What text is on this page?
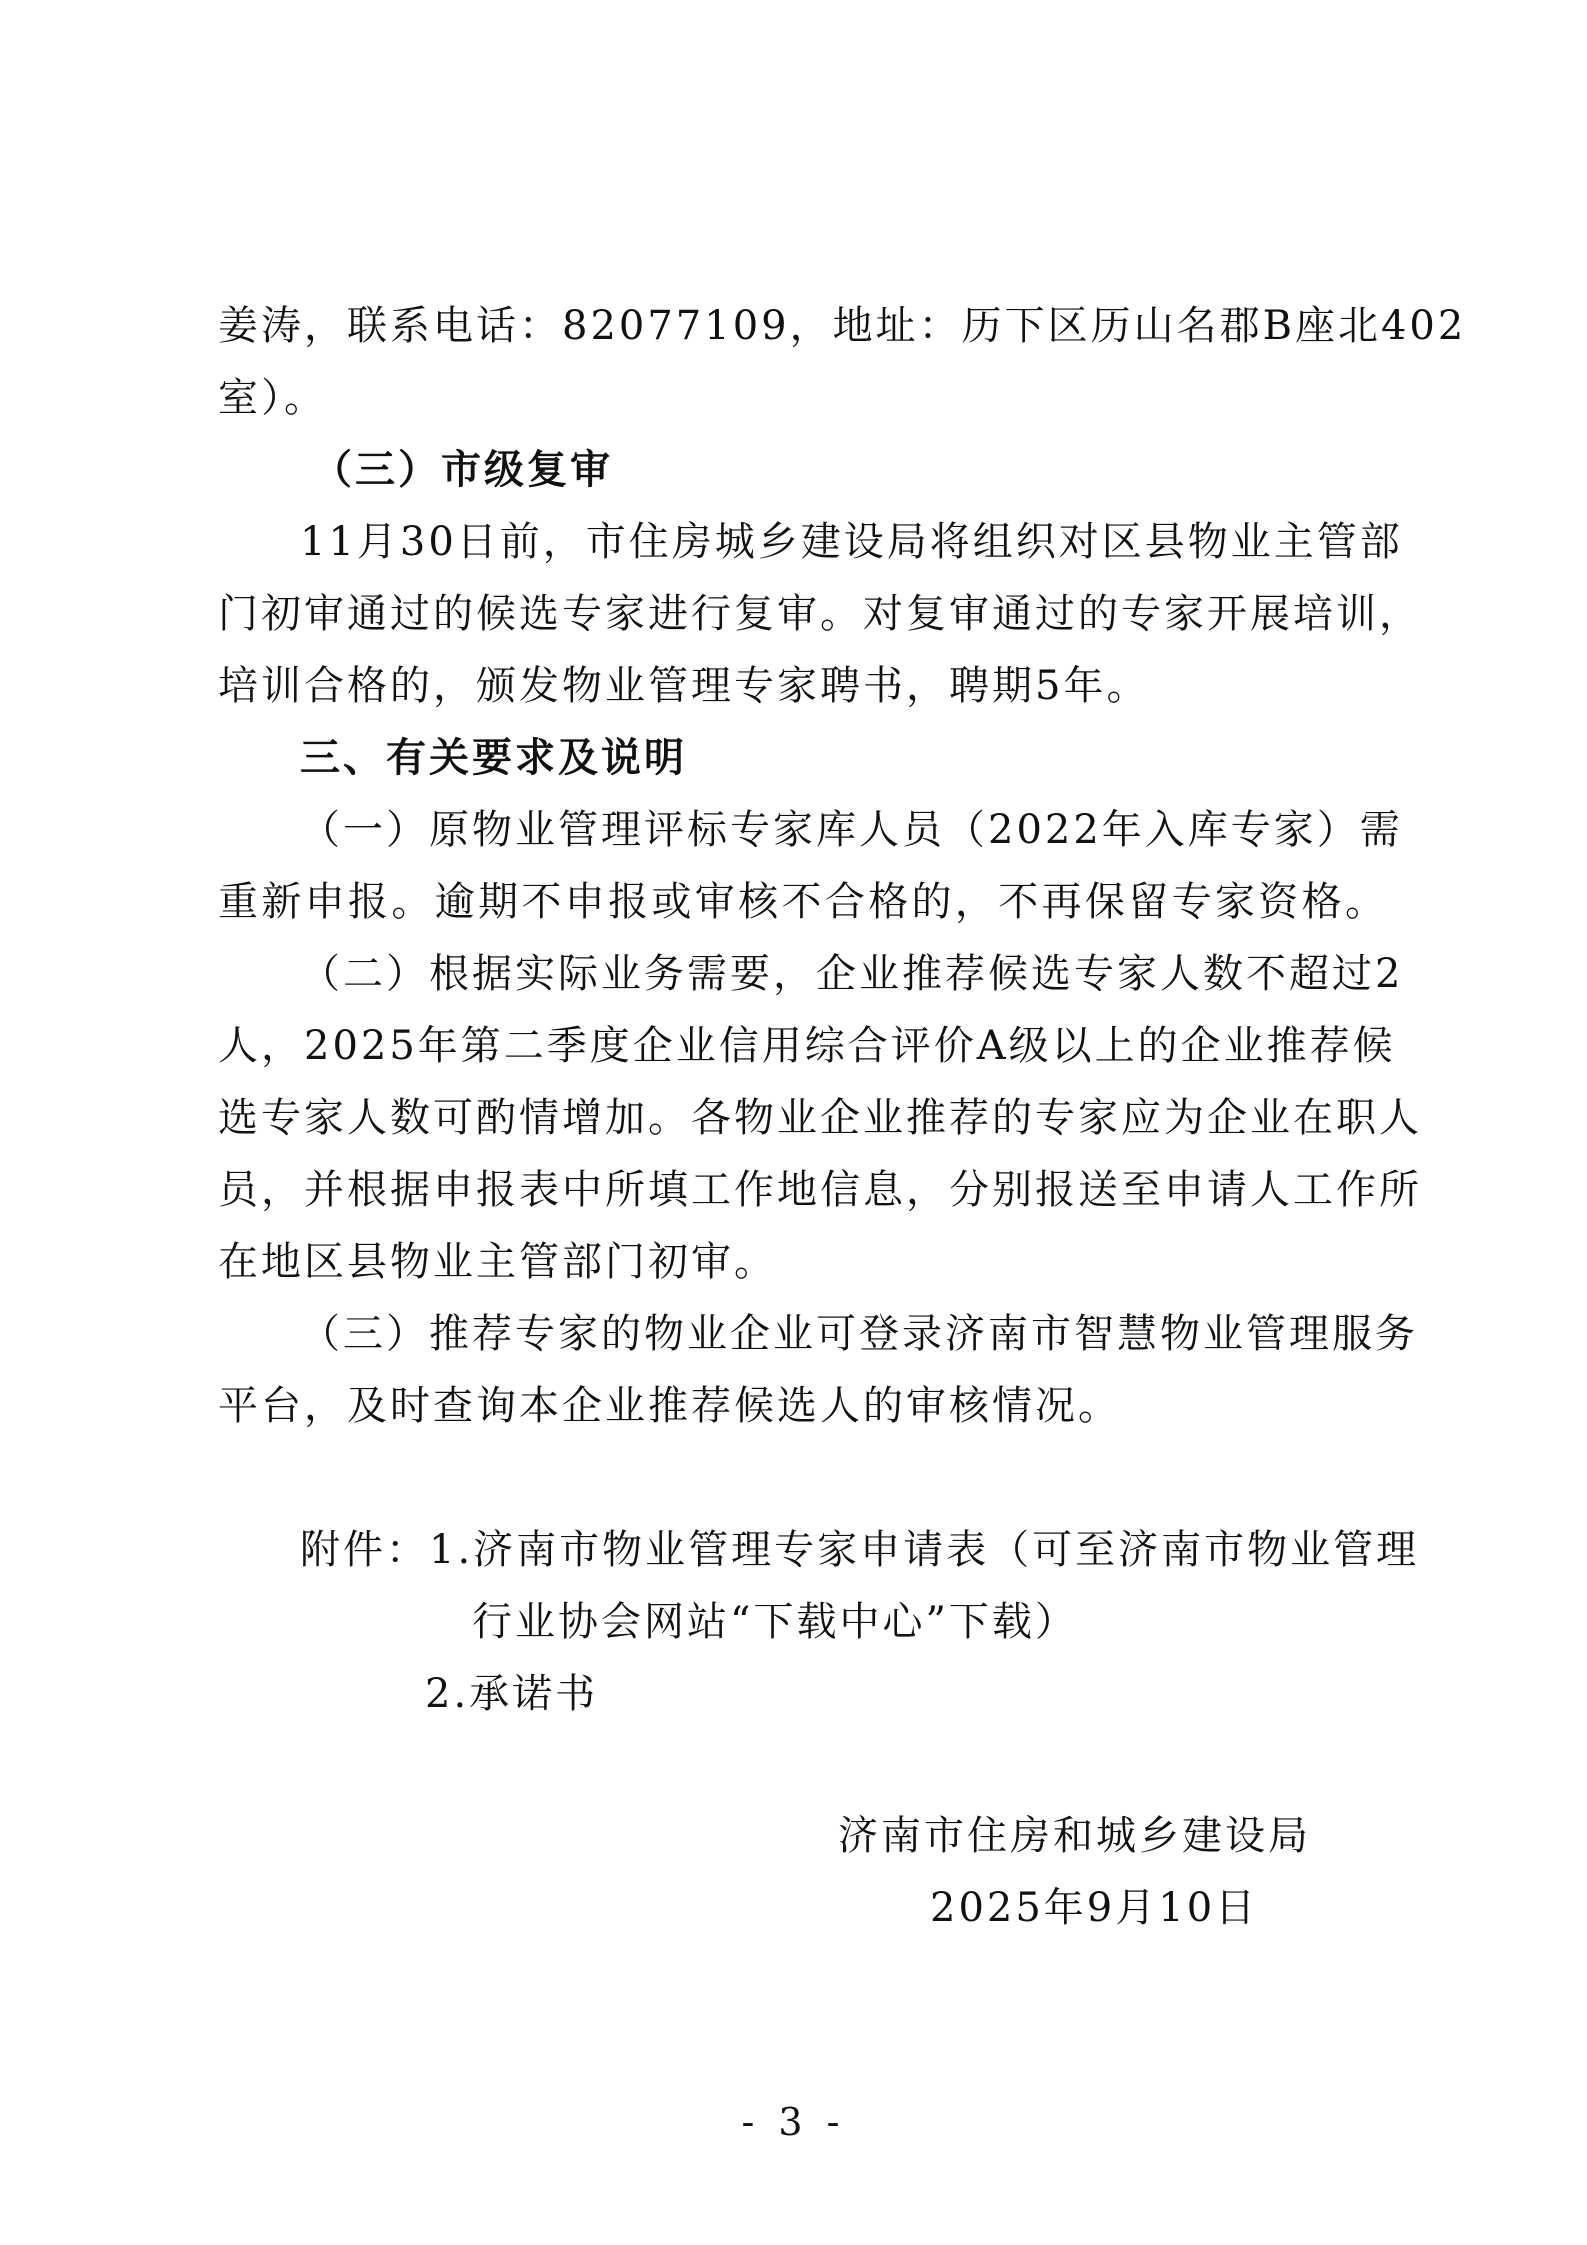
姜涛，联系电话：82077109，地址：历下区历山名郡B座北402
室）。
（三）市级复审
11月30日前，市住房城乡建设局将组织对区县物业主管部
门初审通过的候选专家进行复审。对复审通过的专家开展培训，
培训合格的，颁发物业管理专家聘书，聘期5年。
三、有关要求及说明
（一）原物业管理评标专家库人员（2022年入库专家）需
重新申报。逾期不申报或审核不合格的，不再保留专家资格。
（二）根据实际业务需要，企业推荐候选专家人数不超过2
人，2025年第二季度企业信用综合评价A级以上的企业推荐候
选专家人数可酌情增加。各物业企业推荐的专家应为企业在职人
员，并根据申报表中所填工作地信息，分别报送至申请人工作所
在地区县物业主管部门初审。
（三）推荐专家的物业企业可登录济南市智慧物业管理服务
平台，及时查询本企业推荐候选人的审核情况。
附件：1.济南市物业管理专家申请表（可至济南市物业管理
行业协会网站“下载中心”下载）
2.承诺书
济南市住房和城乡建设局
2025年9月10日
- 3 -
